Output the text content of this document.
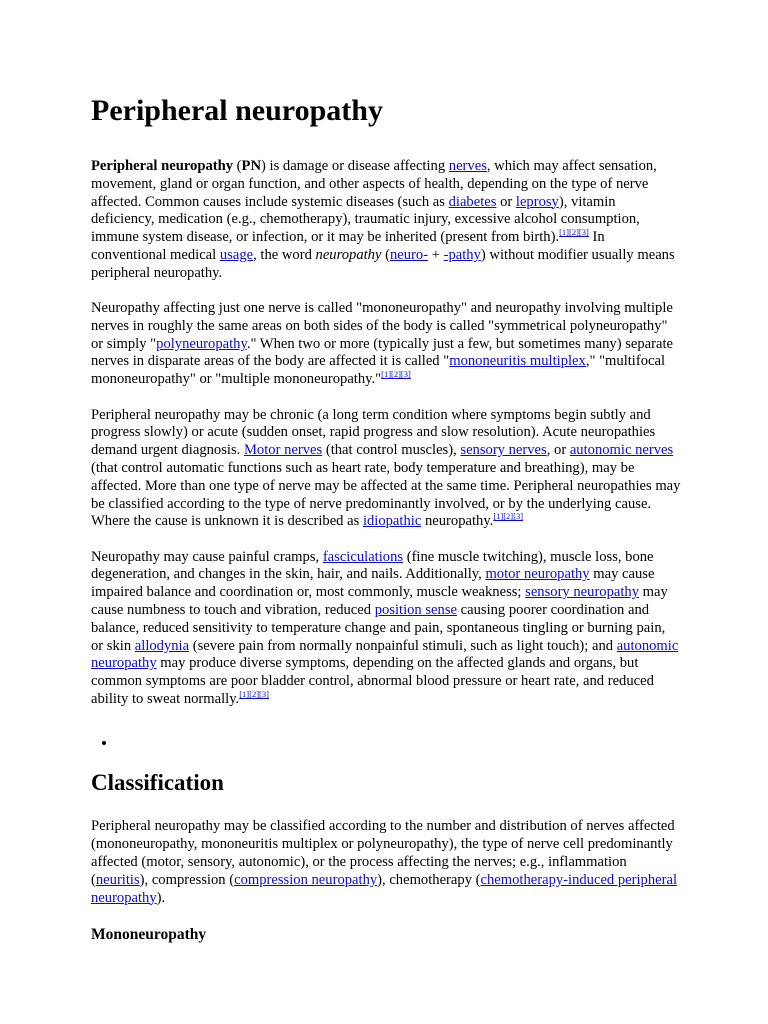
Peripheral neuropathy

Peripheral neuropathy (PN) is damage or disease affecting nerves, which may affect sensation, movement, gland or organ function, and other aspects of health, depending on the type of nerve affected. Common causes include systemic diseases (such as diabetes or leprosy), vitamin deficiency, medication (e.g., chemotherapy), traumatic injury, excessive alcohol consumption, immune system disease, or infection, or it may be inherited (present from birth).[1][2][3] In conventional medical usage, the word neuropathy (neuro- + -pathy) without modifier usually means peripheral neuropathy.

Neuropathy affecting just one nerve is called "mononeuropathy" and neuropathy involving multiple nerves in roughly the same areas on both sides of the body is called "symmetrical polyneuropathy" or simply "polyneuropathy." When two or more (typically just a few, but sometimes many) separate nerves in disparate areas of the body are affected it is called "mononeuritis multiplex," "multifocal mononeuropathy" or "multiple mononeuropathy."[1][2][3]

Peripheral neuropathy may be chronic (a long term condition where symptoms begin subtly and progress slowly) or acute (sudden onset, rapid progress and slow resolution). Acute neuropathies demand urgent diagnosis. Motor nerves (that control muscles), sensory nerves, or autonomic nerves (that control automatic functions such as heart rate, body temperature and breathing), may be affected. More than one type of nerve may be affected at the same time. Peripheral neuropathies may be classified according to the type of nerve predominantly involved, or by the underlying cause. Where the cause is unknown it is described as idiopathic neuropathy.[1][2][3]

Neuropathy may cause painful cramps, fasciculations (fine muscle twitching), muscle loss, bone degeneration, and changes in the skin, hair, and nails. Additionally, motor neuropathy may cause impaired balance and coordination or, most commonly, muscle weakness; sensory neuropathy may cause numbness to touch and vibration, reduced position sense causing poorer coordination and balance, reduced sensitivity to temperature change and pain, spontaneous tingling or burning pain, or skin allodynia (severe pain from normally nonpainful stimuli, such as light touch); and autonomic neuropathy may produce diverse symptoms, depending on the affected glands and organs, but common symptoms are poor bladder control, abnormal blood pressure or heart rate, and reduced ability to sweat normally.[1][2][3]

•
Classification

Peripheral neuropathy may be classified according to the number and distribution of nerves affected (mononeuropathy, mononeuritis multiplex or polyneuropathy), the type of nerve cell predominantly affected (motor, sensory, autonomic), or the process affecting the nerves; e.g., inflammation (neuritis), compression (compression neuropathy), chemotherapy (chemotherapy-induced peripheral neuropathy).

Mononeuropathy
